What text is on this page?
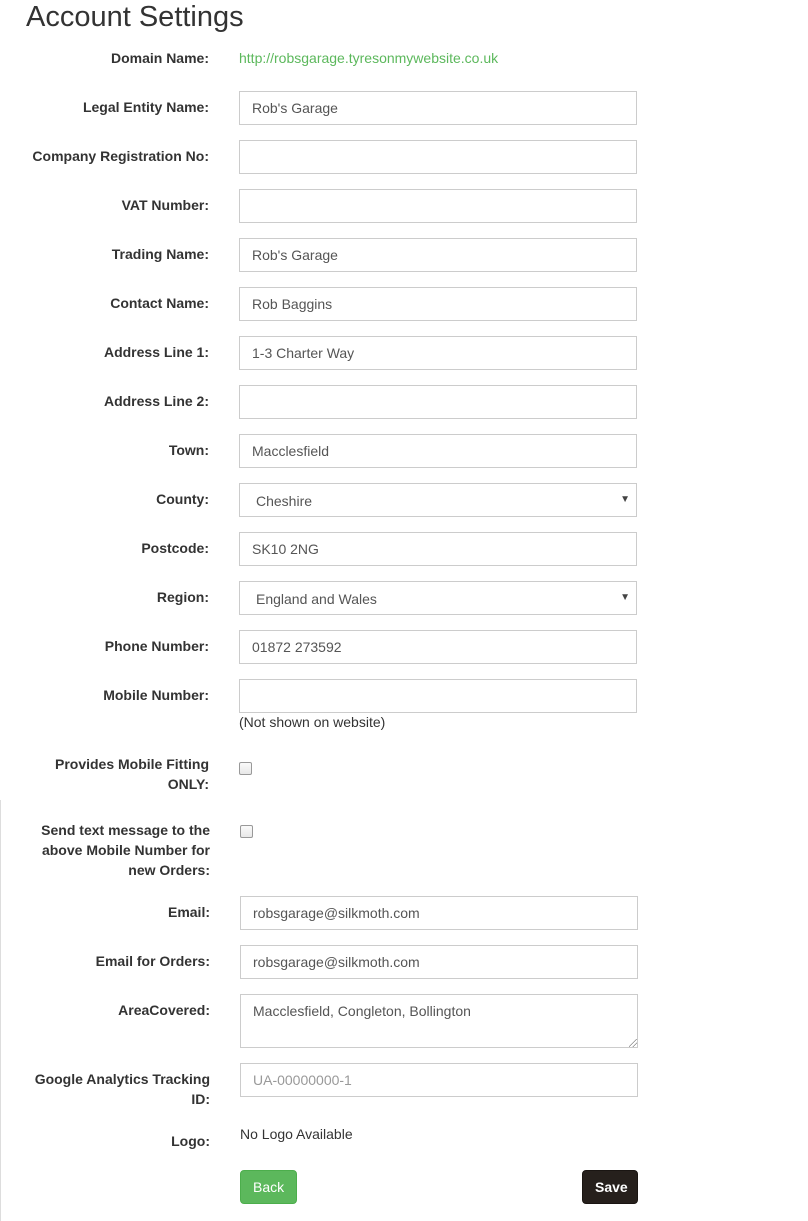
Account Settings
Domain Name: http://robsgarage.tyresonmywebsite.co.uk
Legal Entity Name:
Rob's Garage
Company Registration No:
VAT Number:
Trading Name:
Rob's Garage
Contact Name:
Rob Baggins
Address Line 1:
1-3 Charter Way
Address Line 2:
Town:
Macclesfield
County:	Cheshire	▼
Postcode:
SK10 2NG
Region:	England and Wales	▼
Phone Number:
01872 273592
Mobile Number:
(Not shown on website)
Provides Mobile Fitting
ONLY:
Send text message to the
above Mobile Number for
new Orders:
Email:
robsgarage@silkmoth.com
Email for Orders:
robsgarage@silkmoth.com
AreaCovered:
Macclesfield, Congleton, Bollington
Google Analytics Tracking
ID:
UA-00000000-1
Logo: No Logo Available
Back	Save
